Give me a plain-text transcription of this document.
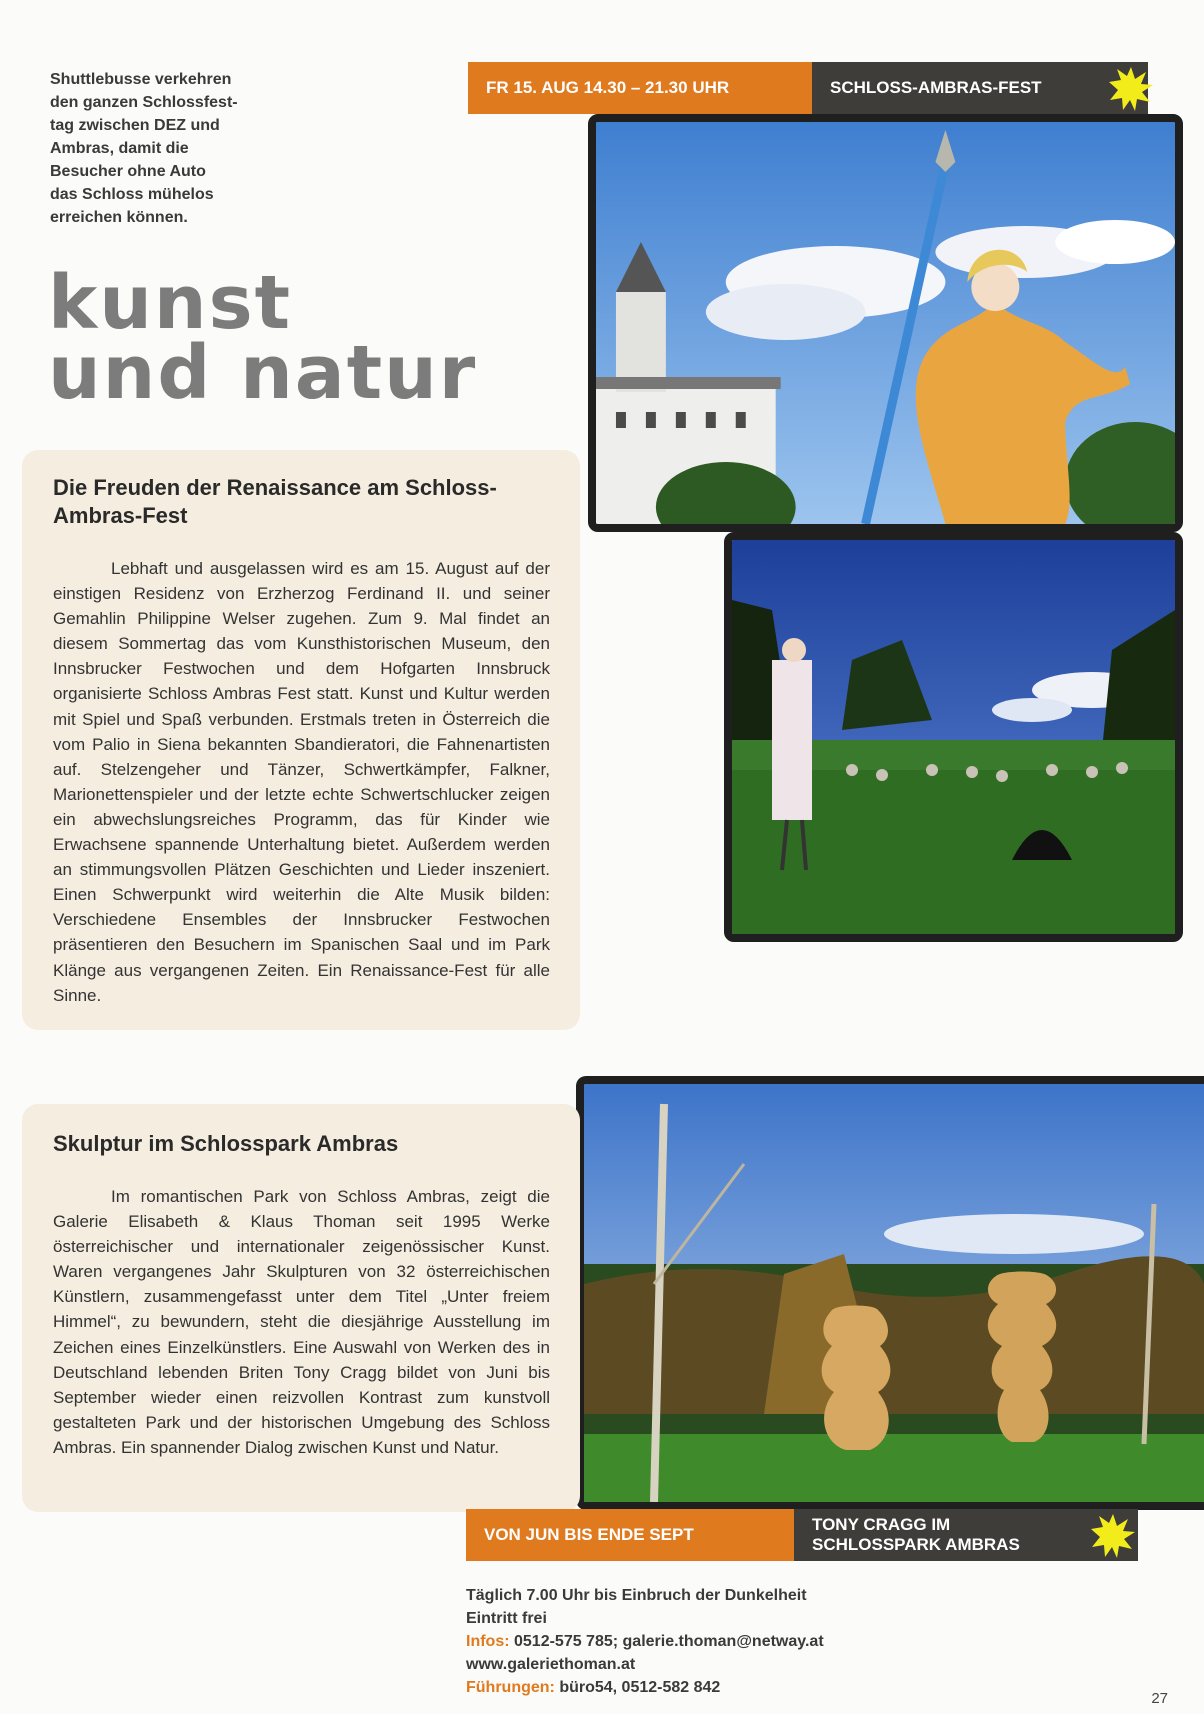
Shuttlebusse verkehren
den ganzen Schlossfest-
tag zwischen DEZ und
Ambras, damit die
Besucher ohne Auto
das Schloss mühelos
erreichen können.
kunst
und natur
FR 15. AUG 14.30 – 21.30 UHR	SCHLOSS-AMBRAS-FEST
Die Freuden der Renaissance am Schloss-Ambras-Fest

Lebhaft und ausgelassen wird es am 15. August auf der einstigen Residenz von Erzherzog Ferdinand II. und seiner Gemahlin Philippine Welser zugehen. Zum 9. Mal findet an diesem Sommertag das vom Kunsthistorischen Museum, den Innsbrucker Festwochen und dem Hofgarten Innsbruck organisierte Schloss Ambras Fest statt. Kunst und Kultur werden mit Spiel und Spaß verbunden. Erstmals treten in Österreich die vom Palio in Siena bekannten Sbandieratori, die Fahnenartisten auf. Stelzengeher und Tänzer, Schwertkämpfer, Falkner, Marionettenspieler und der letzte echte Schwertschlucker zeigen ein abwechslungsreiches Programm, das für Kinder wie Erwachsene spannende Unterhaltung bietet. Außerdem werden an stimmungsvollen Plätzen Geschichten und Lieder inszeniert. Einen Schwerpunkt wird weiterhin die Alte Musik bilden: Verschiedene Ensembles der Innsbrucker Festwochen präsentieren den Besuchern im Spanischen Saal und im Park Klänge aus vergangenen Zeiten. Ein Renaissance-Fest für alle Sinne.

Skulptur im Schlosspark Ambras

Im romantischen Park von Schloss Ambras, zeigt die Galerie Elisabeth & Klaus Thoman seit 1995 Werke österreichischer und internationaler zeigenössischer Kunst. Waren vergangenes Jahr Skulpturen von 32 österreichischen Künstlern, zusammengefasst unter dem Titel „Unter freiem Himmel“, zu bewundern, steht die diesjährige Ausstellung im Zeichen eines Einzelkünstlers. Eine Auswahl von Werken des in Deutschland lebenden Briten Tony Cragg bildet von Juni bis September wieder einen reizvollen Kontrast zum kunstvoll gestalteten Park und der historischen Umgebung des Schloss Ambras. Ein spannender Dialog zwischen Kunst und Natur.

VON JUN BIS ENDE SEPT
TONY CRAGG IM
SCHLOSSPARK AMBRAS
Täglich 7.00 Uhr bis Einbruch der Dunkelheit
Eintritt frei
Infos: 0512-575 785; galerie.thoman@netway.at
www.galeriethoman.at
Führungen: büro54, 0512-582 842
27
